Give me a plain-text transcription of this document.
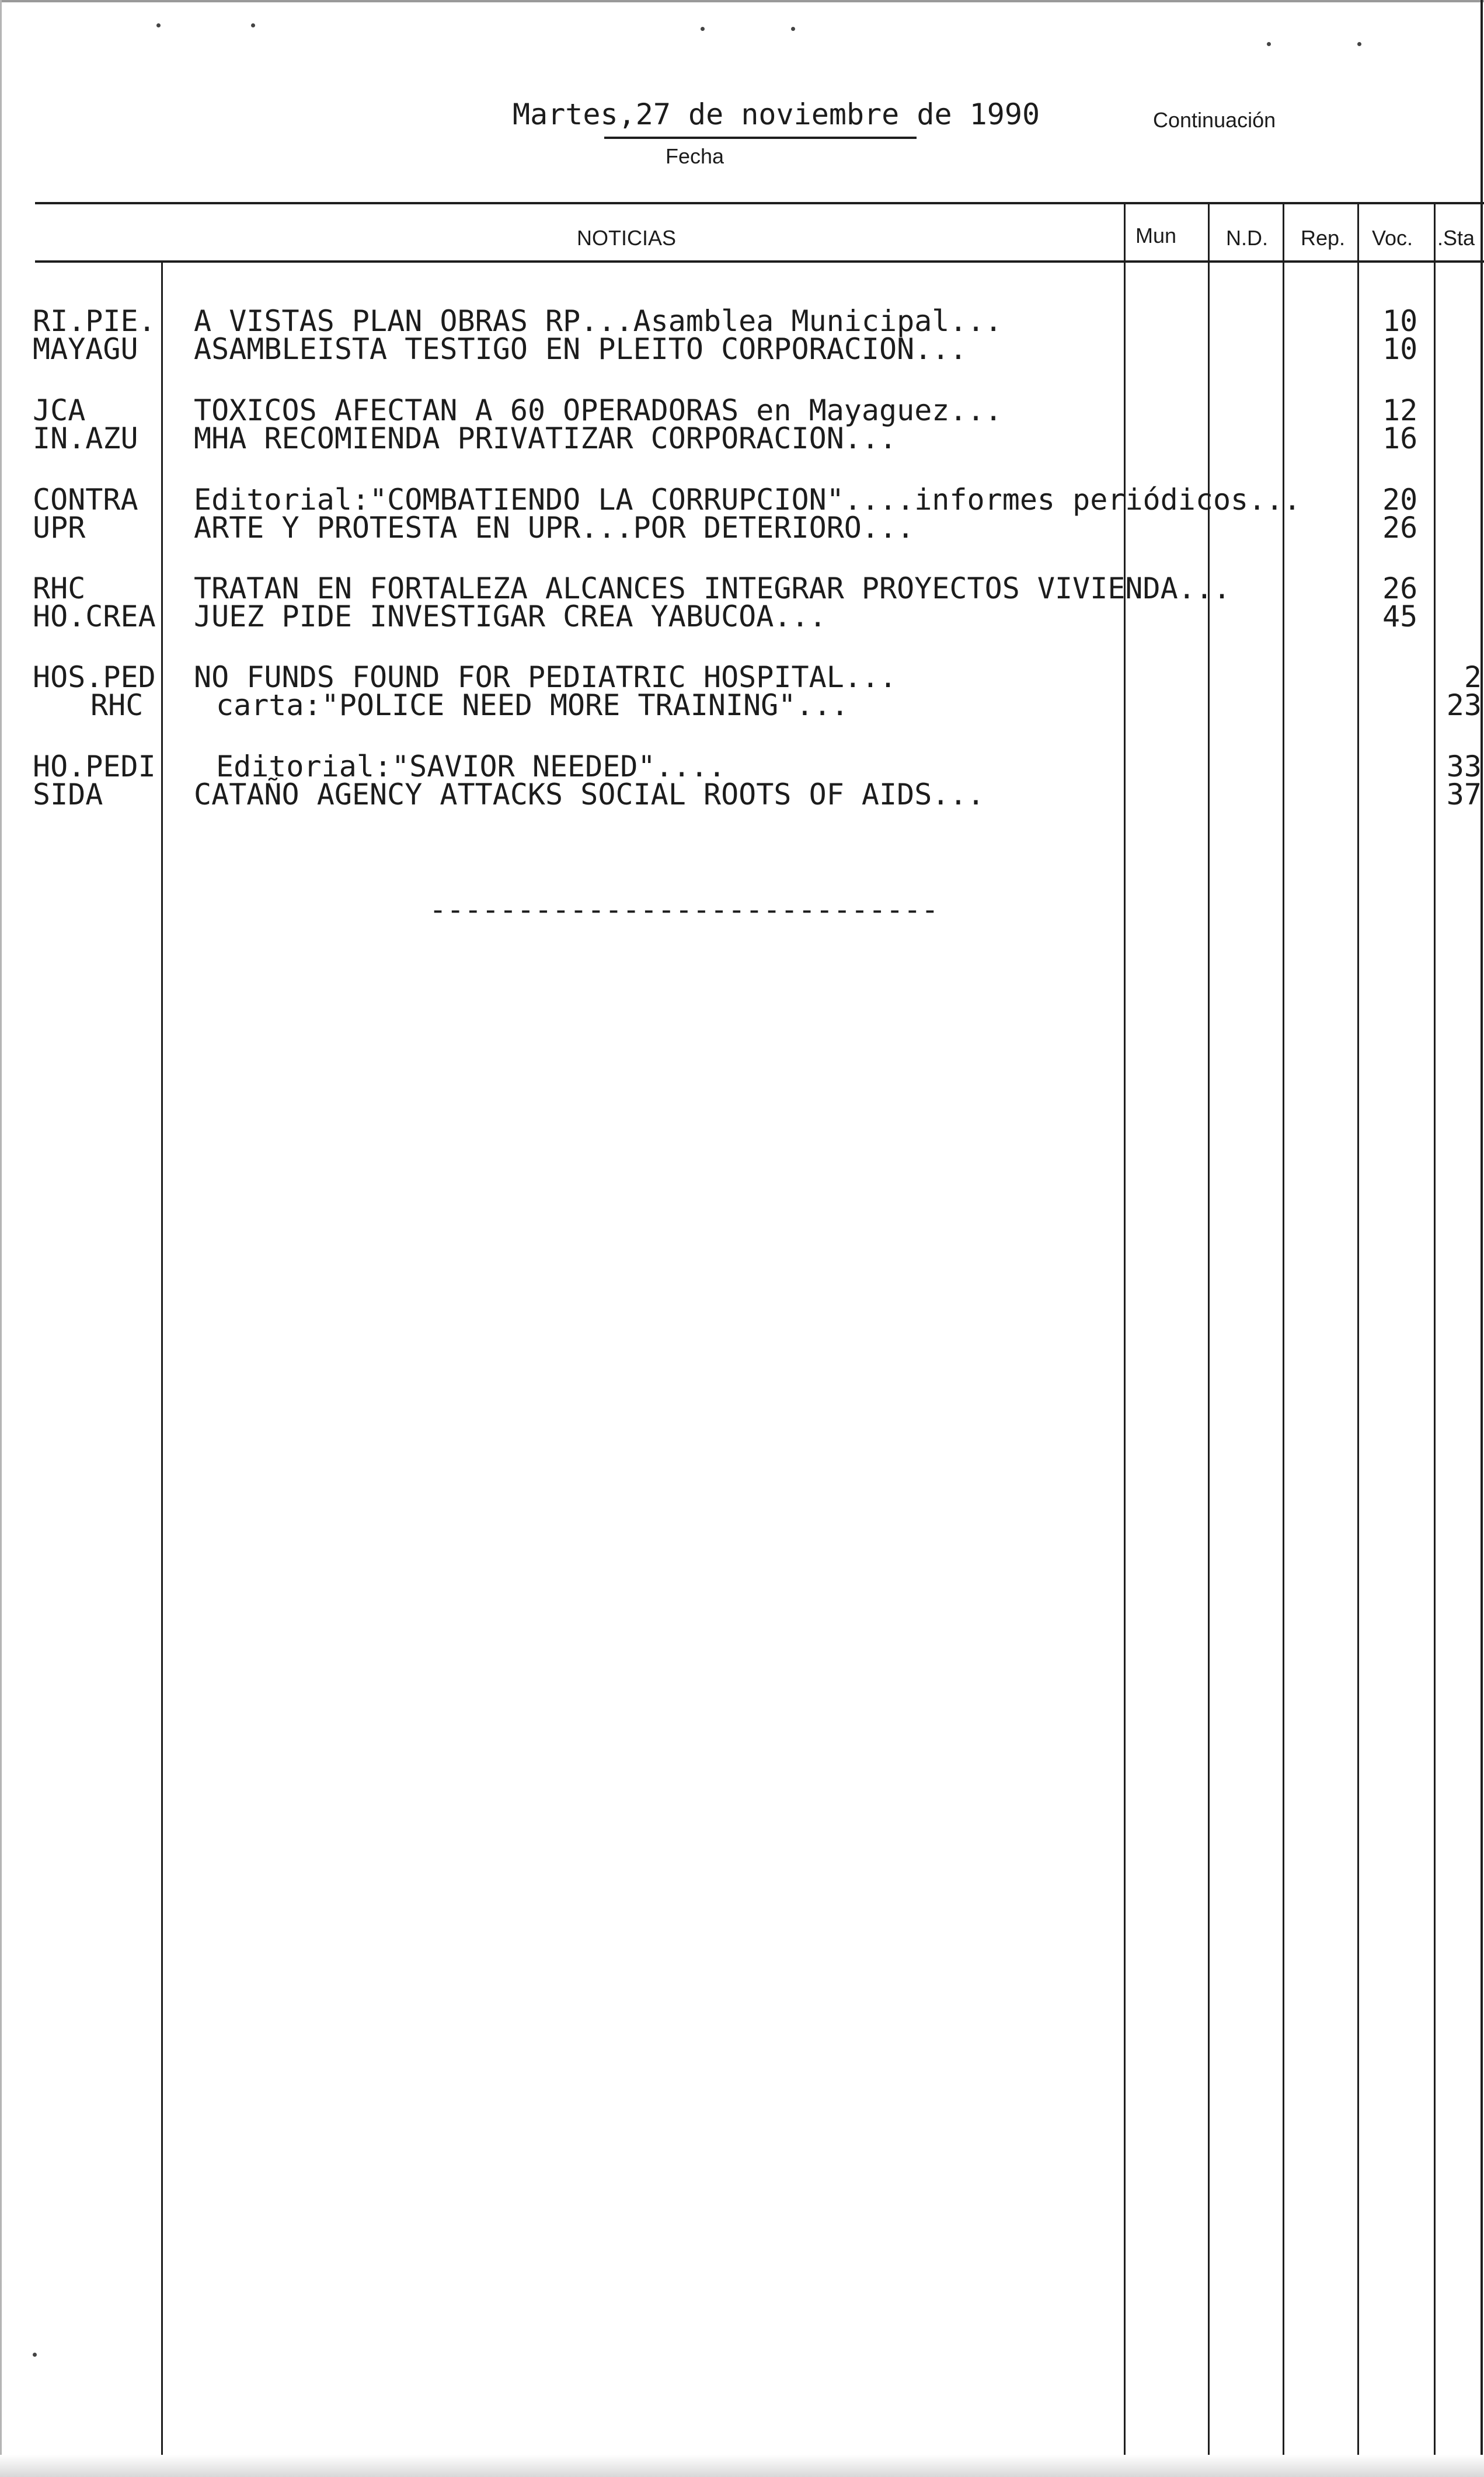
Martes,27 de noviembre de 1990
Fecha
Continuación
NOTICIAS	Mun N.D. Rep. Voc. .Sta
RI.PIE.
MAYAGU
JCA
IN.AZU
CONTRA
UPR
RHC
HO.CREA
HOS.PED
RHC
HO.PEDI
SIDA
A VISTAS PLAN OBRAS RP...Asamblea Municipal...
ASAMBLEISTA TESTIGO EN PLEITO CORPORACION...
TOXICOS AFECTAN A 60 OPERADORAS en Mayaguez...
MHA RECOMIENDA PRIVATIZAR CORPORACION...
Editorial:"COMBATIENDO LA CORRUPCION"....informes periódicos...
ARTE Y PROTESTA EN UPR...POR DETERIORO...
TRATAN EN FORTALEZA ALCANCES INTEGRAR PROYECTOS VIVIENDA...
JUEZ PIDE INVESTIGAR CREA YABUCOA...
NO FUNDS FOUND FOR PEDIATRIC HOSPITAL...
carta:"POLICE NEED MORE TRAINING"...
Editorial:"SAVIOR NEEDED"....
CATAÑO AGENCY ATTACKS SOCIAL ROOTS OF AIDS...
10
10
12
16
20
26
26
45
2
23
33
37
-----------------------------
